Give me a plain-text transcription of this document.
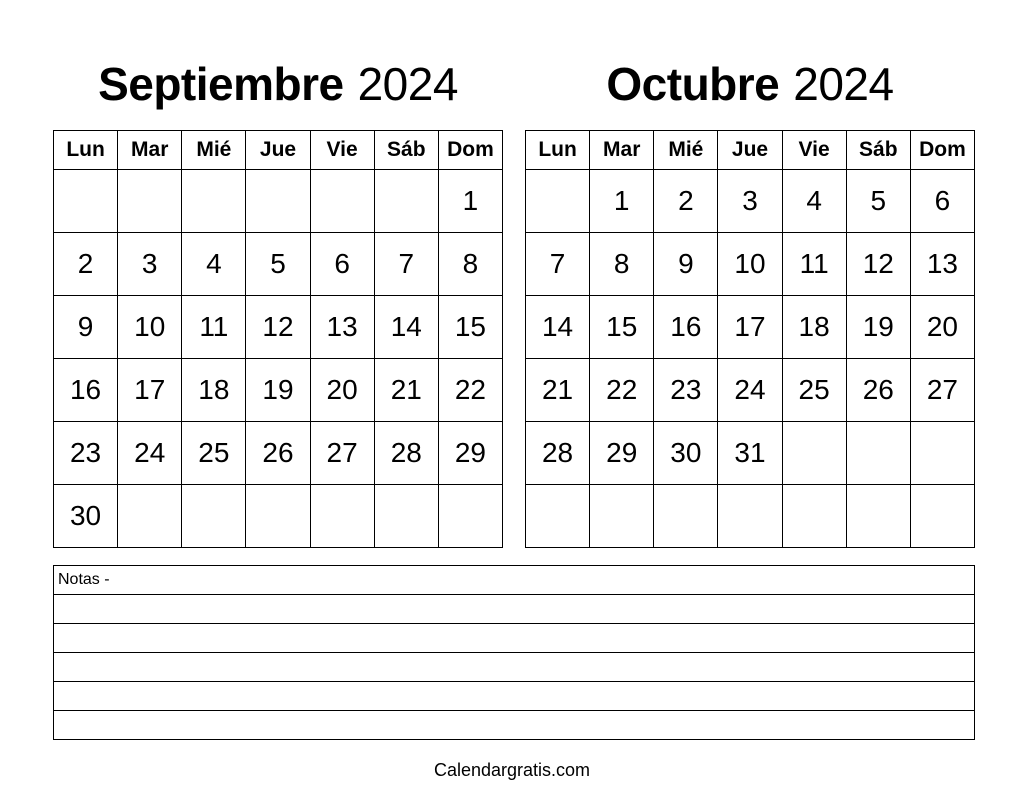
Septiembre 2024
Lun	Mar	Mié	Jue	Vie	Sáb	Dom
						1
2	3	4	5	6	7	8
9	10	11	12	13	14	15
16	17	18	19	20	21	22
23	24	25	26	27	28	29
30						
Octubre 2024
Lun	Mar	Mié	Jue	Vie	Sáb	Dom
	1	2	3	4	5	6
7	8	9	10	11	12	13
14	15	16	17	18	19	20
21	22	23	24	25	26	27
28	29	30	31			

Notas -

Calendargratis.com
